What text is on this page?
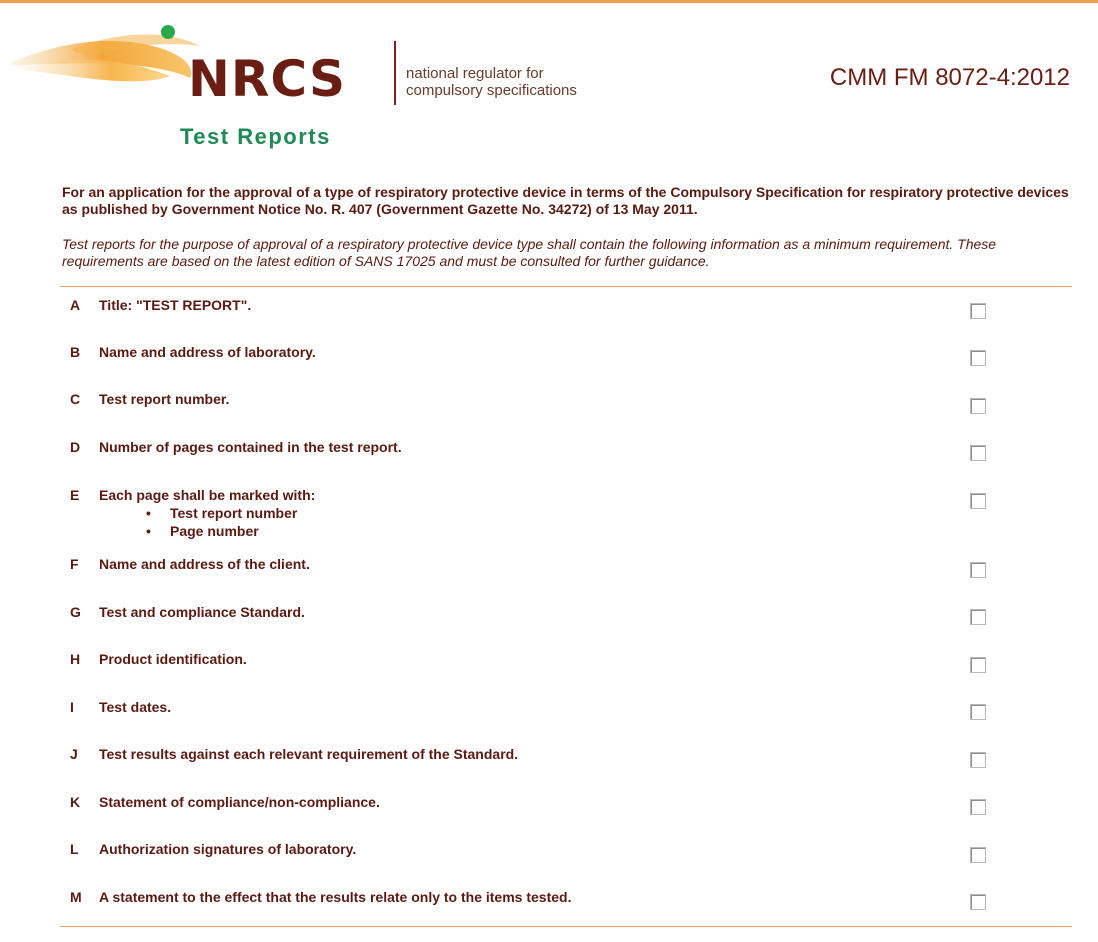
NRCS	national regulator for
compulsory specifications	CMM FM 8072-4:2012
Test Reports
For an application for the approval of a type of respiratory protective device in terms of the Compulsory Specification for respiratory protective devices as published by Government Notice No. R. 407 (Government Gazette No. 34272) of 13 May 2011.
Test reports for the purpose of approval of a respiratory protective device type shall contain the following information as a minimum requirement. These requirements are based on the latest edition of SANS 17025 and must be consulted for further guidance.
A Title: "TEST REPORT".
B Name and address of laboratory.
C Test report number.
D Number of pages contained in the test report.
E Each page shall be marked with:
• Test report number
• Page number
F Name and address of the client.
G Test and compliance Standard.
H Product identification.
I Test dates.
J Test results against each relevant requirement of the Standard.
K Statement of compliance/non-compliance.
L Authorization signatures of laboratory.
M A statement to the effect that the results relate only to the items tested.
